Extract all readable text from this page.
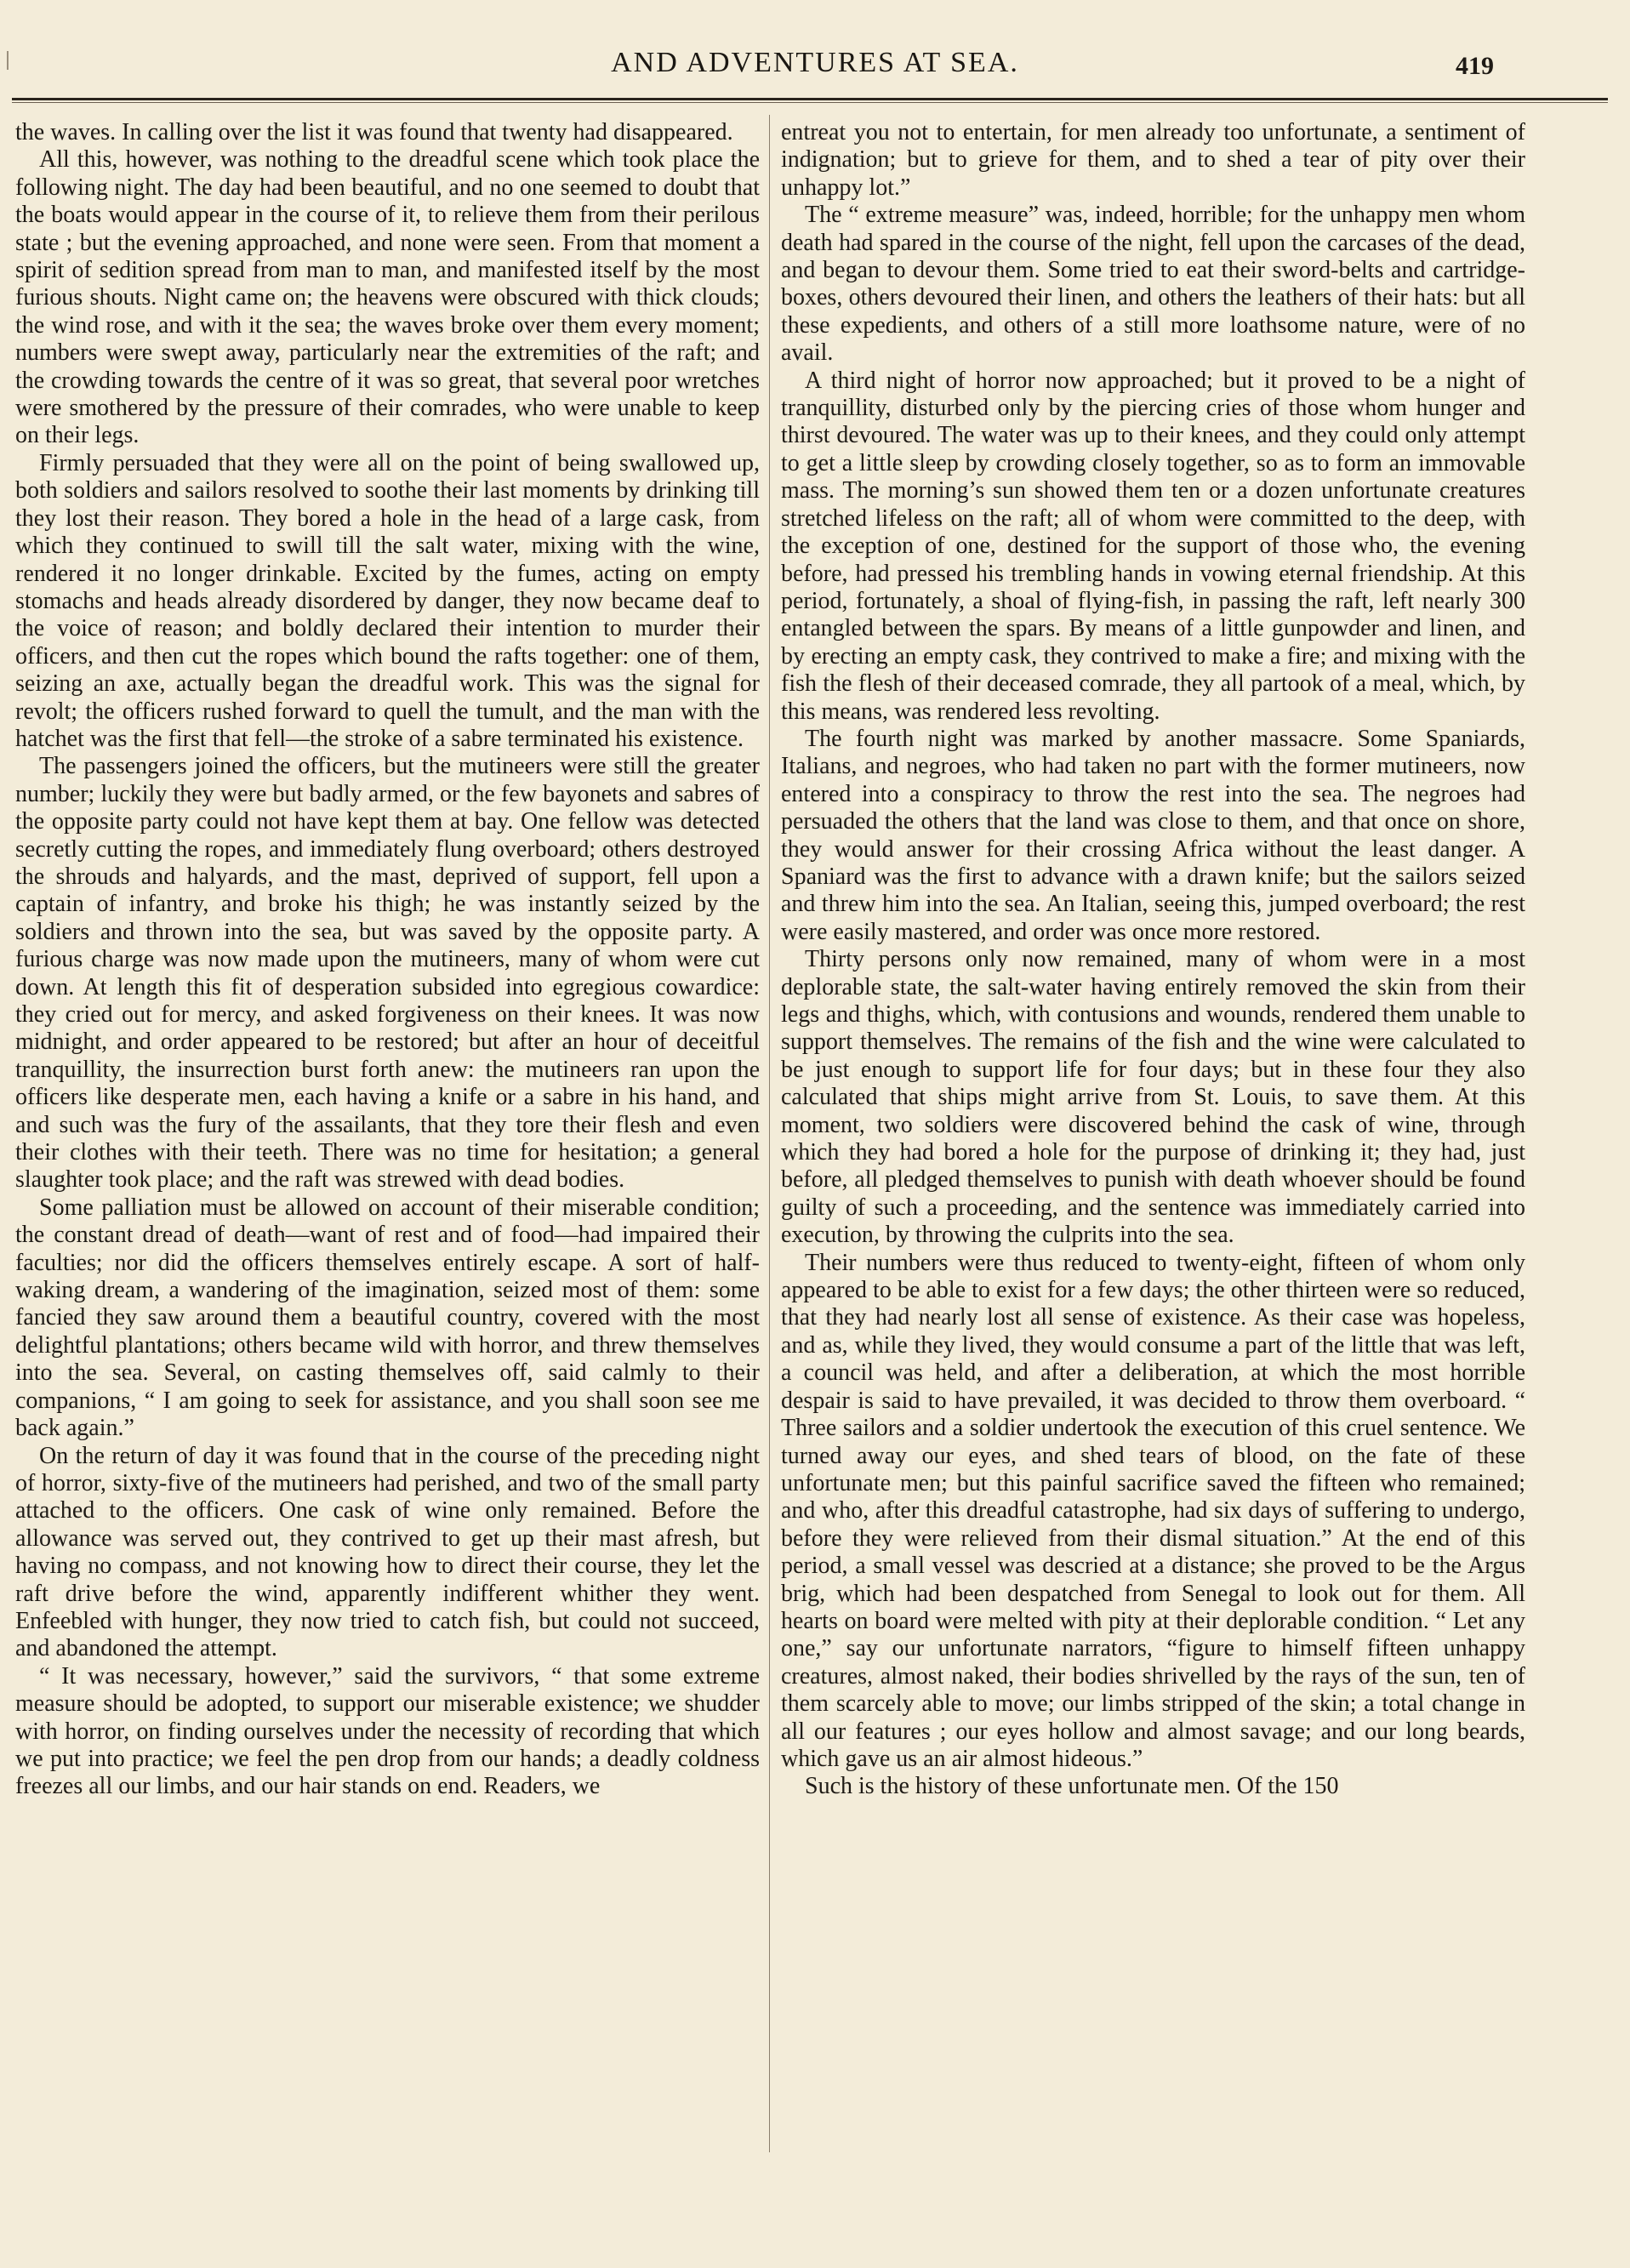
AND ADVENTURES AT SEA.	419

the waves. In calling over the list it was found that twenty had disappeared.

All this, however, was nothing to the dreadful scene which took place the following night. The day had been beautiful, and no one seemed to doubt that the boats would appear in the course of it, to relieve them from their perilous state ; but the evening approached, and none were seen. From that moment a spirit of sedition spread from man to man, and manifested itself by the most furious shouts. Night came on; the heavens were obscured with thick clouds; the wind rose, and with it the sea; the waves broke over them every moment; numbers were swept away, particularly near the extremities of the raft; and the crowding towards the centre of it was so great, that several poor wretches were smothered by the pressure of their comrades, who were unable to keep on their legs.

Firmly persuaded that they were all on the point of being swallowed up, both soldiers and sailors resolved to soothe their last moments by drinking till they lost their reason. They bored a hole in the head of a large cask, from which they continued to swill till the salt water, mixing with the wine, rendered it no longer drinkable. Excited by the fumes, acting on empty stomachs and heads already disordered by danger, they now became deaf to the voice of reason; and boldly declared their intention to murder their officers, and then cut the ropes which bound the rafts together: one of them, seizing an axe, actually began the dreadful work. This was the signal for revolt; the officers rushed forward to quell the tumult, and the man with the hatchet was the first that fell—the stroke of a sabre terminated his existence.

The passengers joined the officers, but the mutineers were still the greater number; luckily they were but badly armed, or the few bayonets and sabres of the opposite party could not have kept them at bay. One fellow was detected secretly cutting the ropes, and immediately flung overboard; others destroyed the shrouds and halyards, and the mast, deprived of support, fell upon a captain of infantry, and broke his thigh; he was instantly seized by the soldiers and thrown into the sea, but was saved by the opposite party. A furious charge was now made upon the mutineers, many of whom were cut down. At length this fit of desperation subsided into egregious cowardice: they cried out for mercy, and asked forgiveness on their knees. It was now midnight, and order appeared to be restored; but after an hour of deceitful tranquillity, the insurrection burst forth anew: the mutineers ran upon the officers like desperate men, each having a knife or a sabre in his hand, and and such was the fury of the assailants, that they tore their flesh and even their clothes with their teeth. There was no time for hesitation; a general slaughter took place; and the raft was strewed with dead bodies.

Some palliation must be allowed on account of their miserable condition; the constant dread of death—want of rest and of food—had impaired their faculties; nor did the officers themselves entirely escape. A sort of half-waking dream, a wandering of the imagination, seized most of them: some fancied they saw around them a beautiful country, covered with the most delightful plantations; others became wild with horror, and threw themselves into the sea. Several, on casting themselves off, said calmly to their companions, “ I am going to seek for assistance, and you shall soon see me back again.”

On the return of day it was found that in the course of the preceding night of horror, sixty-five of the mutineers had perished, and two of the small party attached to the officers. One cask of wine only remained. Before the allowance was served out, they contrived to get up their mast afresh, but having no compass, and not knowing how to direct their course, they let the raft drive before the wind, apparently indifferent whither they went. Enfeebled with hunger, they now tried to catch fish, but could not succeed, and abandoned the attempt.

“ It was necessary, however,” said the survivors, “ that some extreme measure should be adopted, to support our miserable existence; we shudder with horror, on finding ourselves under the necessity of recording that which we put into practice; we feel the pen drop from our hands; a deadly coldness freezes all our limbs, and our hair stands on end. Readers, we

entreat you not to entertain, for men already too unfortunate, a sentiment of indignation; but to grieve for them, and to shed a tear of pity over their unhappy lot.”

The “ extreme measure” was, indeed, horrible; for the unhappy men whom death had spared in the course of the night, fell upon the carcases of the dead, and began to devour them. Some tried to eat their sword-belts and cartridge-boxes, others devoured their linen, and others the leathers of their hats: but all these expedients, and others of a still more loathsome nature, were of no avail.

A third night of horror now approached; but it proved to be a night of tranquillity, disturbed only by the piercing cries of those whom hunger and thirst devoured. The water was up to their knees, and they could only attempt to get a little sleep by crowding closely together, so as to form an immovable mass. The morning’s sun showed them ten or a dozen unfortunate creatures stretched lifeless on the raft; all of whom were committed to the deep, with the exception of one, destined for the support of those who, the evening before, had pressed his trembling hands in vowing eternal friendship. At this period, fortunately, a shoal of flying-fish, in passing the raft, left nearly 300 entangled between the spars. By means of a little gunpowder and linen, and by erecting an empty cask, they contrived to make a fire; and mixing with the fish the flesh of their deceased comrade, they all partook of a meal, which, by this means, was rendered less revolting.

The fourth night was marked by another massacre. Some Spaniards, Italians, and negroes, who had taken no part with the former mutineers, now entered into a conspiracy to throw the rest into the sea. The negroes had persuaded the others that the land was close to them, and that once on shore, they would answer for their crossing Africa without the least danger. A Spaniard was the first to advance with a drawn knife; but the sailors seized and threw him into the sea. An Italian, seeing this, jumped overboard; the rest were easily mastered, and order was once more restored.

Thirty persons only now remained, many of whom were in a most deplorable state, the salt-water having entirely removed the skin from their legs and thighs, which, with contusions and wounds, rendered them unable to support themselves. The remains of the fish and the wine were calculated to be just enough to support life for four days; but in these four they also calculated that ships might arrive from St. Louis, to save them. At this moment, two soldiers were discovered behind the cask of wine, through which they had bored a hole for the purpose of drinking it; they had, just before, all pledged themselves to punish with death whoever should be found guilty of such a proceeding, and the sentence was immediately carried into execution, by throwing the culprits into the sea.

Their numbers were thus reduced to twenty-eight, fifteen of whom only appeared to be able to exist for a few days; the other thirteen were so reduced, that they had nearly lost all sense of existence. As their case was hopeless, and as, while they lived, they would consume a part of the little that was left, a council was held, and after a deliberation, at which the most horrible despair is said to have prevailed, it was decided to throw them overboard. “ Three sailors and a soldier undertook the execution of this cruel sentence. We turned away our eyes, and shed tears of blood, on the fate of these unfortunate men; but this painful sacrifice saved the fifteen who remained; and who, after this dreadful catastrophe, had six days of suffering to undergo, before they were relieved from their dismal situation.” At the end of this period, a small vessel was descried at a distance; she proved to be the Argus brig, which had been despatched from Senegal to look out for them. All hearts on board were melted with pity at their deplorable condition. “ Let any one,” say our unfortunate narrators, “figure to himself fifteen unhappy creatures, almost naked, their bodies shrivelled by the rays of the sun, ten of them scarcely able to move; our limbs stripped of the skin; a total change in all our features ; our eyes hollow and almost savage; and our long beards, which gave us an air almost hideous.”

Such is the history of these unfortunate men. Of the 150
